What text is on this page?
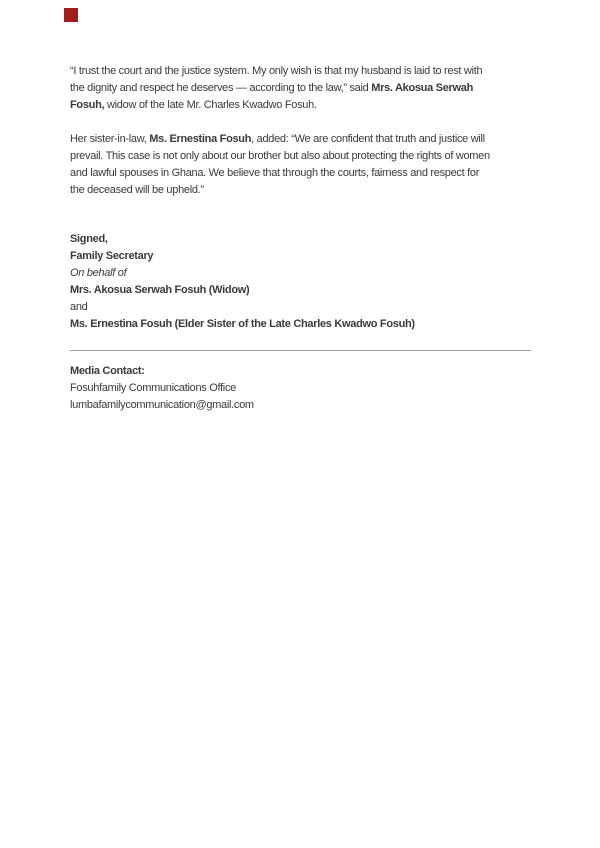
“I trust the court and the justice system. My only wish is that my husband is laid to rest with
the dignity and respect he deserves — according to the law,” said Mrs. Akosua Serwah
Fosuh, widow of the late Mr. Charles Kwadwo Fosuh.
Her sister-in-law, Ms. Ernestina Fosuh, added: “We are confident that truth and justice will
prevail. This case is not only about our brother but also about protecting the rights of women
and lawful spouses in Ghana. We believe that through the courts, fairness and respect for
the deceased will be upheld.”
Signed,
Family Secretary
On behalf of
Mrs. Akosua Serwah Fosuh (Widow)
and
Ms. Ernestina Fosuh (Elder Sister of the Late Charles Kwadwo Fosuh)
Media Contact:
Fosuhfamily Communications Office
lumbafamilycommunication@gmail.com
